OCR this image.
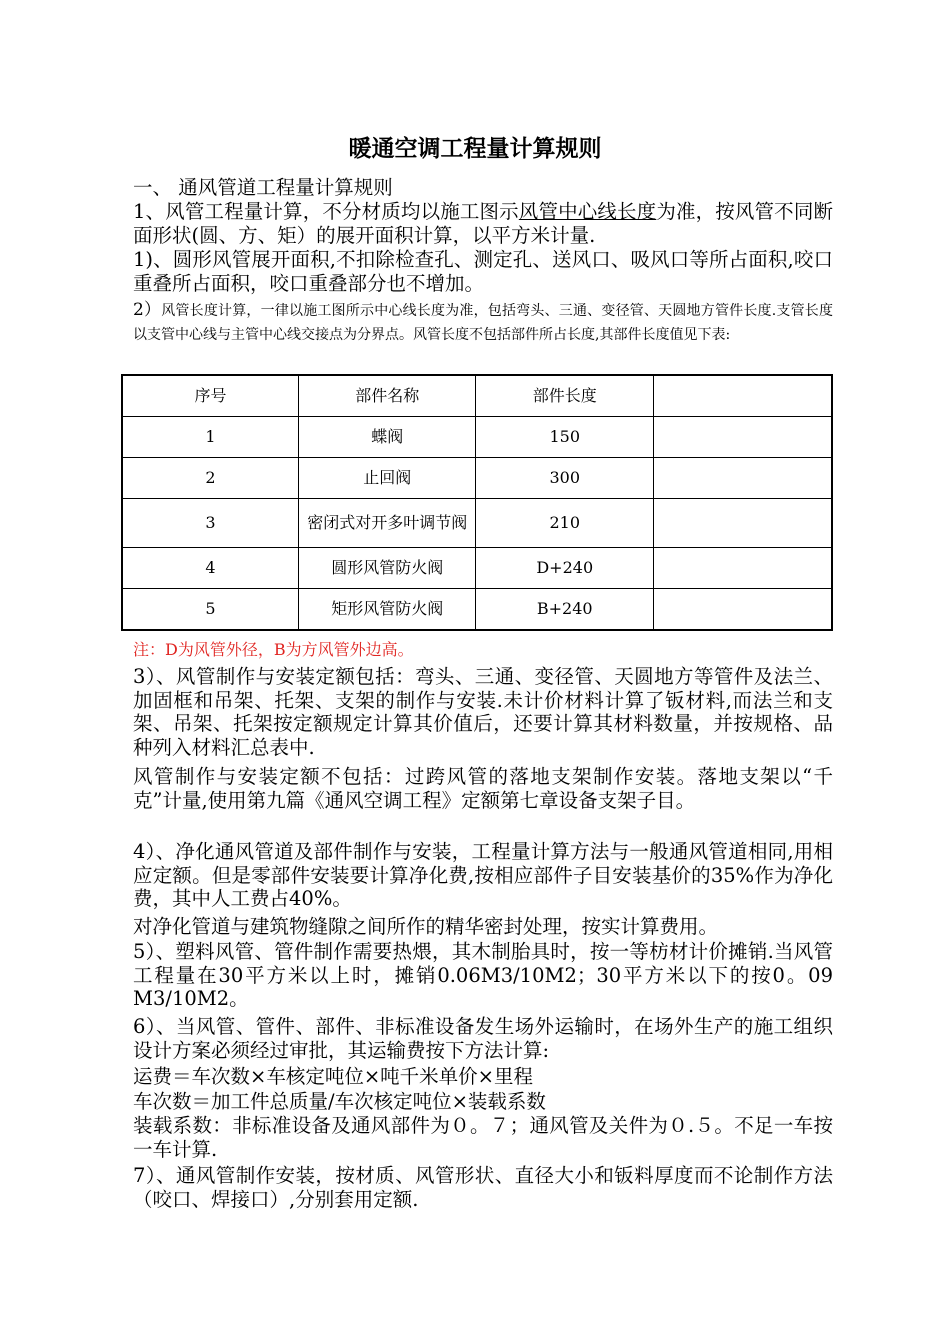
暖通空调工程量计算规则

一、 通风管道工程量计算规则

1、风管工程量计算，不分材质均以施工图示风管中心线长度为准，按风管不同断面形状(圆、方、矩）的展开面积计算，以平方米计量.

1)、圆形风管展开面积,不扣除检查孔、测定孔、送风口、吸风口等所占面积,咬口重叠所占面积，咬口重叠部分也不增加。

2）风管长度计算，一律以施工图所示中心线长度为准，包括弯头、三通、变径管、天圆地方管件长度.支管长度以支管中心线与主管中心线交接点为分界点。风管长度不包括部件所占长度,其部件长度值见下表:

序号	部件名称	部件长度	
1	蝶阀	150	
2	止回阀	300	
3	密闭式对开多叶调节阀	210	
4	圆形风管防火阀	D+240	
5	矩形风管防火阀	B+240	

注：D为风管外径，B为方风管外边高。

3）、风管制作与安装定额包括：弯头、三通、变径管、天圆地方等管件及法兰、加固框和吊架、托架、支架的制作与安装.未计价材料计算了钣材料,而法兰和支架、吊架、托架按定额规定计算其价值后，还要计算其材料数量，并按规格、品种列入材料汇总表中.

风管制作与安装定额不包括：过跨风管的落地支架制作安装。落地支架以“千克”计量,使用第九篇《通风空调工程》定额第七章设备支架子目。

4）、净化通风管道及部件制作与安装，工程量计算方法与一般通风管道相同,用相应定额。但是零部件安装要计算净化费,按相应部件子目安装基价的35%作为净化费，其中人工费占40%。

对净化管道与建筑物缝隙之间所作的精华密封处理，按实计算费用。

5）、塑料风管、管件制作需要热煨，其木制胎具时，按一等枋材计价摊销.当风管工程量在30平方米以上时，摊销0.06M3/10M2；30平方米以下的按0。09 M3/10M2。

6）、当风管、管件、部件、非标准设备发生场外运输时，在场外生产的施工组织设计方案必须经过审批，其运输费按下方法计算:

运费＝车次数×车核定吨位×吨千米单价×里程

车次数＝加工件总质量/车次核定吨位×装载系数

装载系数：非标准设备及通风部件为０。７；通风管及关件为０.５。不足一车按一车计算.

7）、通风管制作安装，按材质、风管形状、直径大小和钣料厚度而不论制作方法（咬口、焊接口）,分别套用定额.
